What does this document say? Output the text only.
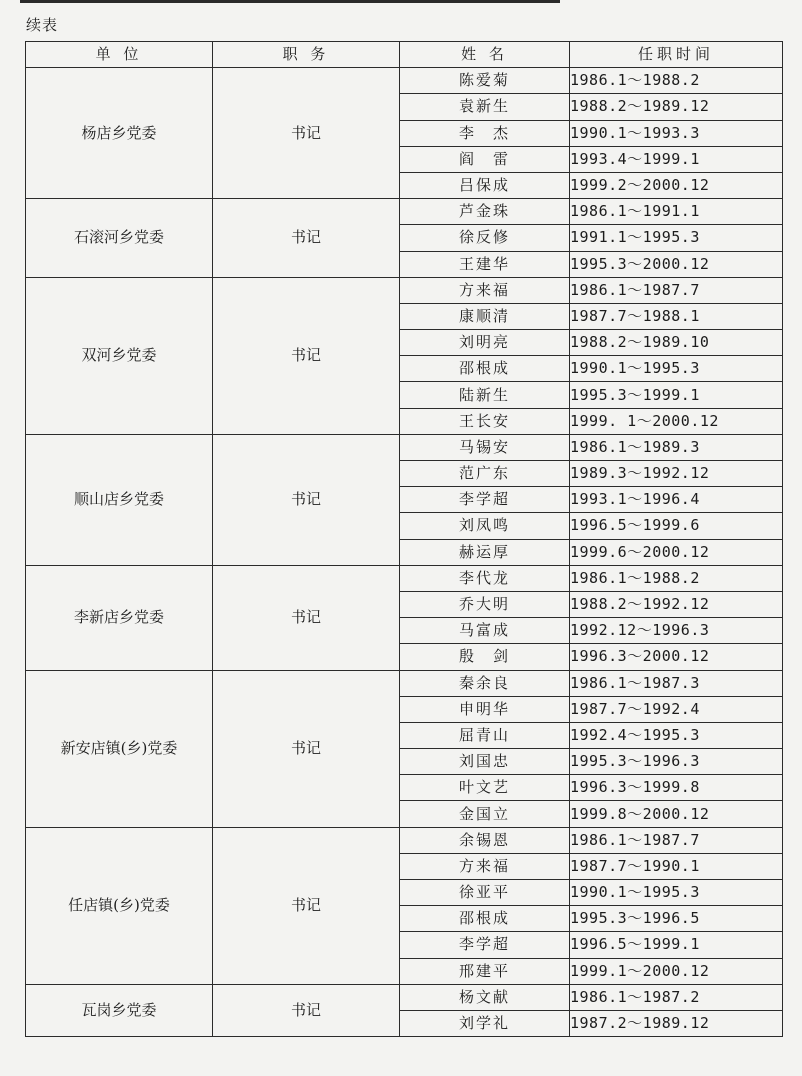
续表
单 位	职 务	姓 名	任职时间
杨店乡党委	书记	陈爱菊	1986.1～1988.2
		袁新生	1988.2～1989.12
		李　杰	1990.1～1993.3
		阎　雷	1993.4～1999.1
		吕保成	1999.2～2000.12
石滚河乡党委	书记	芦金珠	1986.1～1991.1
		徐反修	1991.1～1995.3
		王建华	1995.3～2000.12
双河乡党委	书记	方来福	1986.1～1987.7
		康顺清	1987.7～1988.1
		刘明亮	1988.2～1989.10
		邵根成	1990.1～1995.3
		陆新生	1995.3～1999.1
		王长安	1999. 1～2000.12
顺山店乡党委	书记	马锡安	1986.1～1989.3
		范广东	1989.3～1992.12
		李学超	1993.1～1996.4
		刘凤鸣	1996.5～1999.6
		赫运厚	1999.6～2000.12
李新店乡党委	书记	李代龙	1986.1～1988.2
		乔大明	1988.2～1992.12
		马富成	1992.12～1996.3
		殷　剑	1996.3～2000.12
新安店镇(乡)党委	书记	秦余良	1986.1～1987.3
		申明华	1987.7～1992.4
		屈青山	1992.4～1995.3
		刘国忠	1995.3～1996.3
		叶文艺	1996.3～1999.8
		金国立	1999.8～2000.12
任店镇(乡)党委	书记	余锡恩	1986.1～1987.7
		方来福	1987.7～1990.1
		徐亚平	1990.1～1995.3
		邵根成	1995.3～1996.5
		李学超	1996.5～1999.1
		邢建平	1999.1～2000.12
瓦岗乡党委	书记	杨文献	1986.1～1987.2
		刘学礼	1987.2～1989.12
